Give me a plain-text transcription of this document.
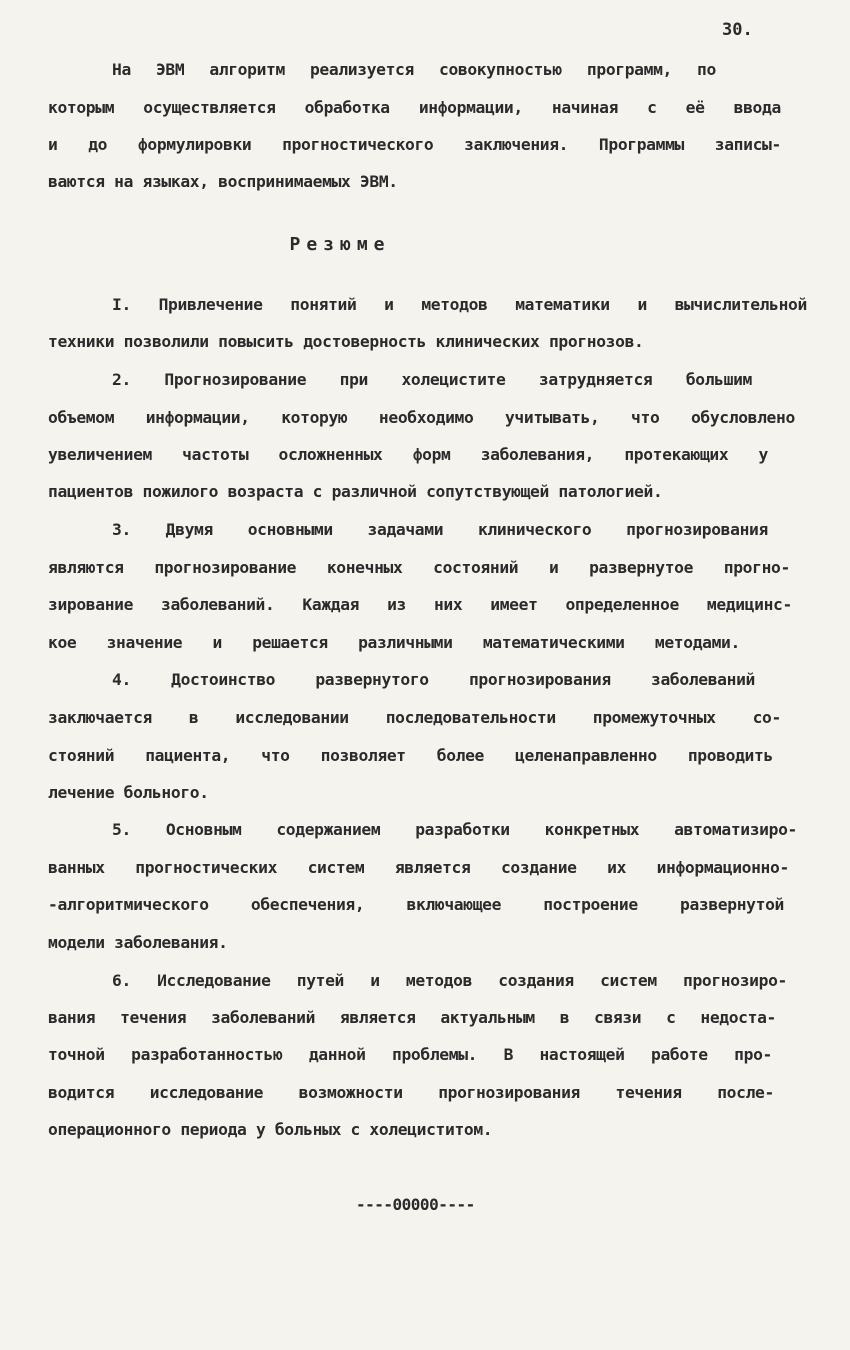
30.
На ЭВМ алгоритм реализуется совокупностью программ, по
которым осуществляется обработка информации, начиная с её ввода
и до формулировки прогностического заключения. Программы записы-
ваются на языках, воспринимаемых ЭВМ.
Резюме
I. Привлечение понятий и методов математики и вычислительной
техники позволили повысить достоверность клинических прогнозов.
2. Прогнозирование при холецистите затрудняется большим
объемом информации, которую необходимо учитывать, что обусловлено
увеличением частоты осложненных форм заболевания, протекающих у
пациентов пожилого возраста с различной сопутствующей патологией.
3. Двумя основными задачами клинического прогнозирования
являются прогнозирование конечных состояний и развернутое прогно-
зирование заболеваний. Каждая из них имеет определенное медицинс-
кое значение и решается различными математическими методами.
4. Достоинство развернутого прогнозирования заболеваний
заключается в исследовании последовательности промежуточных со-
стояний пациента, что позволяет более целенаправленно проводить
лечение больного.
5. Основным содержанием разработки конкретных автоматизиро-
ванных прогностических систем является создание их информационно-
-алгоритмического	обеспечения,	включающее	построение	развернутой
модели заболевания.
6. Исследование путей и методов создания систем прогнозиро-
вания течения заболеваний является актуальным в связи с недоста-
точной разработанностью данной проблемы. В настоящей работе про-
водится исследование возможности прогнозирования течения после-
операционного периода у больных с холециститом.
----00000----
